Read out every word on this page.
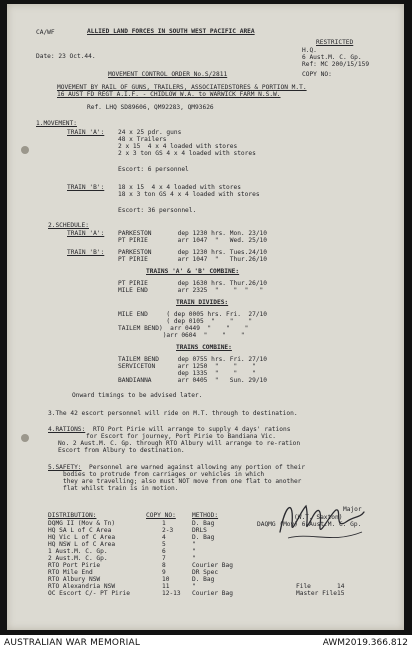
CA/WF	ALLIED LAND FORCES IN SOUTH WEST PACIFIC AREA
RESTRICTED
H.Q.
6 Aust.M. C. Gp.
Ref: MC 200/15/159
Date: 23 Oct.44.
MOVEMENT CONTROL ORDER No.S/2811	COPY NO:
MOVEMENT BY RAIL OF GUNS, TRAILERS, ASSOCIATEDSTORES & PORTION M.T.
16 AUST FD REGT A.I.F. - CHIDLOW W.A. to WARWICK FARM N.S.W.
Ref. LHQ SD89606, QM92283, QM93626
1.MOVEMENT:
TRAIN 'A': 24 x 25 pdr. guns
48 x Trailers
2 x 15  4 x 4 loaded with stores
2 x 3 ton GS 4 x 4 loaded with stores
Escort: 6 personnel
TRAIN 'B': 18 x 15  4 x 4 loaded with stores
18 x 3 ton GS 4 x 4 loaded with stores
Escort: 36 personnel.
2.SCHEDULE:
TRAIN 'A': PARKESTON       dep 1230 hrs. Mon. 23/10
PT PIRIE        arr 1047  "   Wed. 25/10
TRAIN 'B': PARKESTON       dep 1230 hrs. Tues.24/10
PT PIRIE        arr 1047  "   Thur.26/10
TRAINS 'A' & 'B' COMBINE:
PT PIRIE        dep 1630 hrs. Thur.26/10
MILE END        arr 2325  "    "  "   "
TRAIN DIVIDES:
MILE END     ( dep 0005 hrs. Fri.  27/10
( dep 0105  "    "    "
TAILEM BEND)  arr 0449  "    "    "
)arr 0604  "    "    "
TRAINS COMBINE:
TAILEM BEND     dep 0755 hrs. Fri. 27/10
SERVICETON      arr 1250  "    "    "
dep 1335  "    "    "
BANDIANNA       arr 0405  "   Sun. 29/10
Onward timings to be advised later.
3.The 42 escort personnel will ride on M.T. through to destination.
4.RATIONS: RTO Port Pirie will arrange to supply 4 days' rations
for Escort for journey, Port Pirie to Bandiana Vic.
No. 2 Aust.M. C. Gp. through RTO Albury will arrange to re-ration
Escort from Albury to destination.
5.SAFETY: Personnel are warned against allowing any portion of their
bodies to protrude from carriages or vehicles in which
they are travelling; also must NOT move from one flat to another
flat whilst train is in motion.
Major
(W.T. Saxton)
DAQMG (Mov) 6 Aust.M. C. Gp.
DISTRIBUTION:	COPY NO:	METHOD:
DQMG II (Mov & Tn)	1	D. Bag
HQ SA L of C Area	2-3	DRLS
HQ Vic L of C Area	4	D. Bag
HQ NSW L of C Area	5	"
1 Aust.M. C. Gp.	6	"
2 Aust.M. C. Gp.	7	"
RTO Port Pirie	8	Courier Bag
RTO Mile End	9	DR Spec
RTO Albury NSW	10	D. Bag
RTO Alexandria NSW	11	"
OC Escort C/- PT Pirie	12-13 Courier Bag
File	14
Master File 15
AUSTRALIAN WAR MEMORIAL	AWM2019.366.812
